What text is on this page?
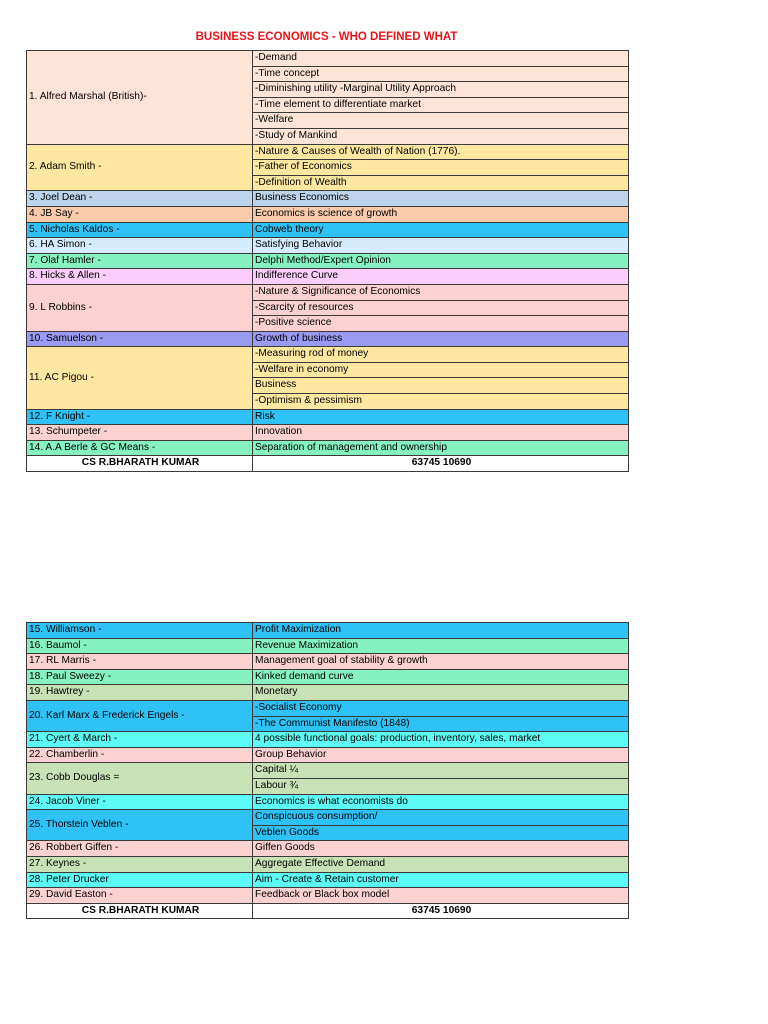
BUSINESS ECONOMICS - WHO DEFINED WHAT
1. Alfred Marshal (British)-	-Demand
	-Time concept
	-Diminishing utility -Marginal Utility Approach
	-Time element to differentiate market
	-Welfare
	-Study of Mankind
2. Adam Smith -	-Nature & Causes of Wealth of Nation (1776).
	-Father of Economics
	-Definition of Wealth
3. Joel Dean -	Business Economics
4. JB Say -	Economics is science of growth
5. Nicholas Kaldos -	Cobweb theory
6. HA Simon -	Satisfying Behavior
7. Olaf Hamler -	Delphi Method/Expert Opinion
8. Hicks & Allen -	Indifference Curve
9. L Robbins -	-Nature & Significance of Economics
	-Scarcity of resources
	-Positive science
10. Samuelson -	Growth of business
11. AC Pigou -	-Measuring rod of money
	-Welfare in economy
	Business
	-Optimism & pessimism
12. F Knight -	Risk
13. Schumpeter -	Innovation
14. A.A Berle & GC Means -	Separation of management and ownership
CS R.BHARATH KUMAR	63745 10690
15. Williamson -	Profit Maximization
16. Baumol -	Revenue Maximization
17. RL Marris -	Management goal of stability & growth
18. Paul Sweezy -	Kinked demand curve
19. Hawtrey -	Monetary
20. Karl Marx & Frederick Engels -	-Socialist Economy
	-The Communist Manifesto (1848)
21. Cyert & March -	4 possible functional goals: production, inventory, sales, market
22. Chamberlin -	Group Behavior
23. Cobb Douglas =	Capital ¼
	Labour ¾
24. Jacob Viner -	Economics is what economists do
25. Thorstein Veblen -	Conspicuous consumption/
	Veblen Goods
26. Robbert Giffen -	Giffen Goods
27. Keynes -	Aggregate Effective Demand
28. Peter Drucker	Aim - Create & Retain customer
29. David Easton -	Feedback or Black box model
CS R.BHARATH KUMAR	63745 10690
